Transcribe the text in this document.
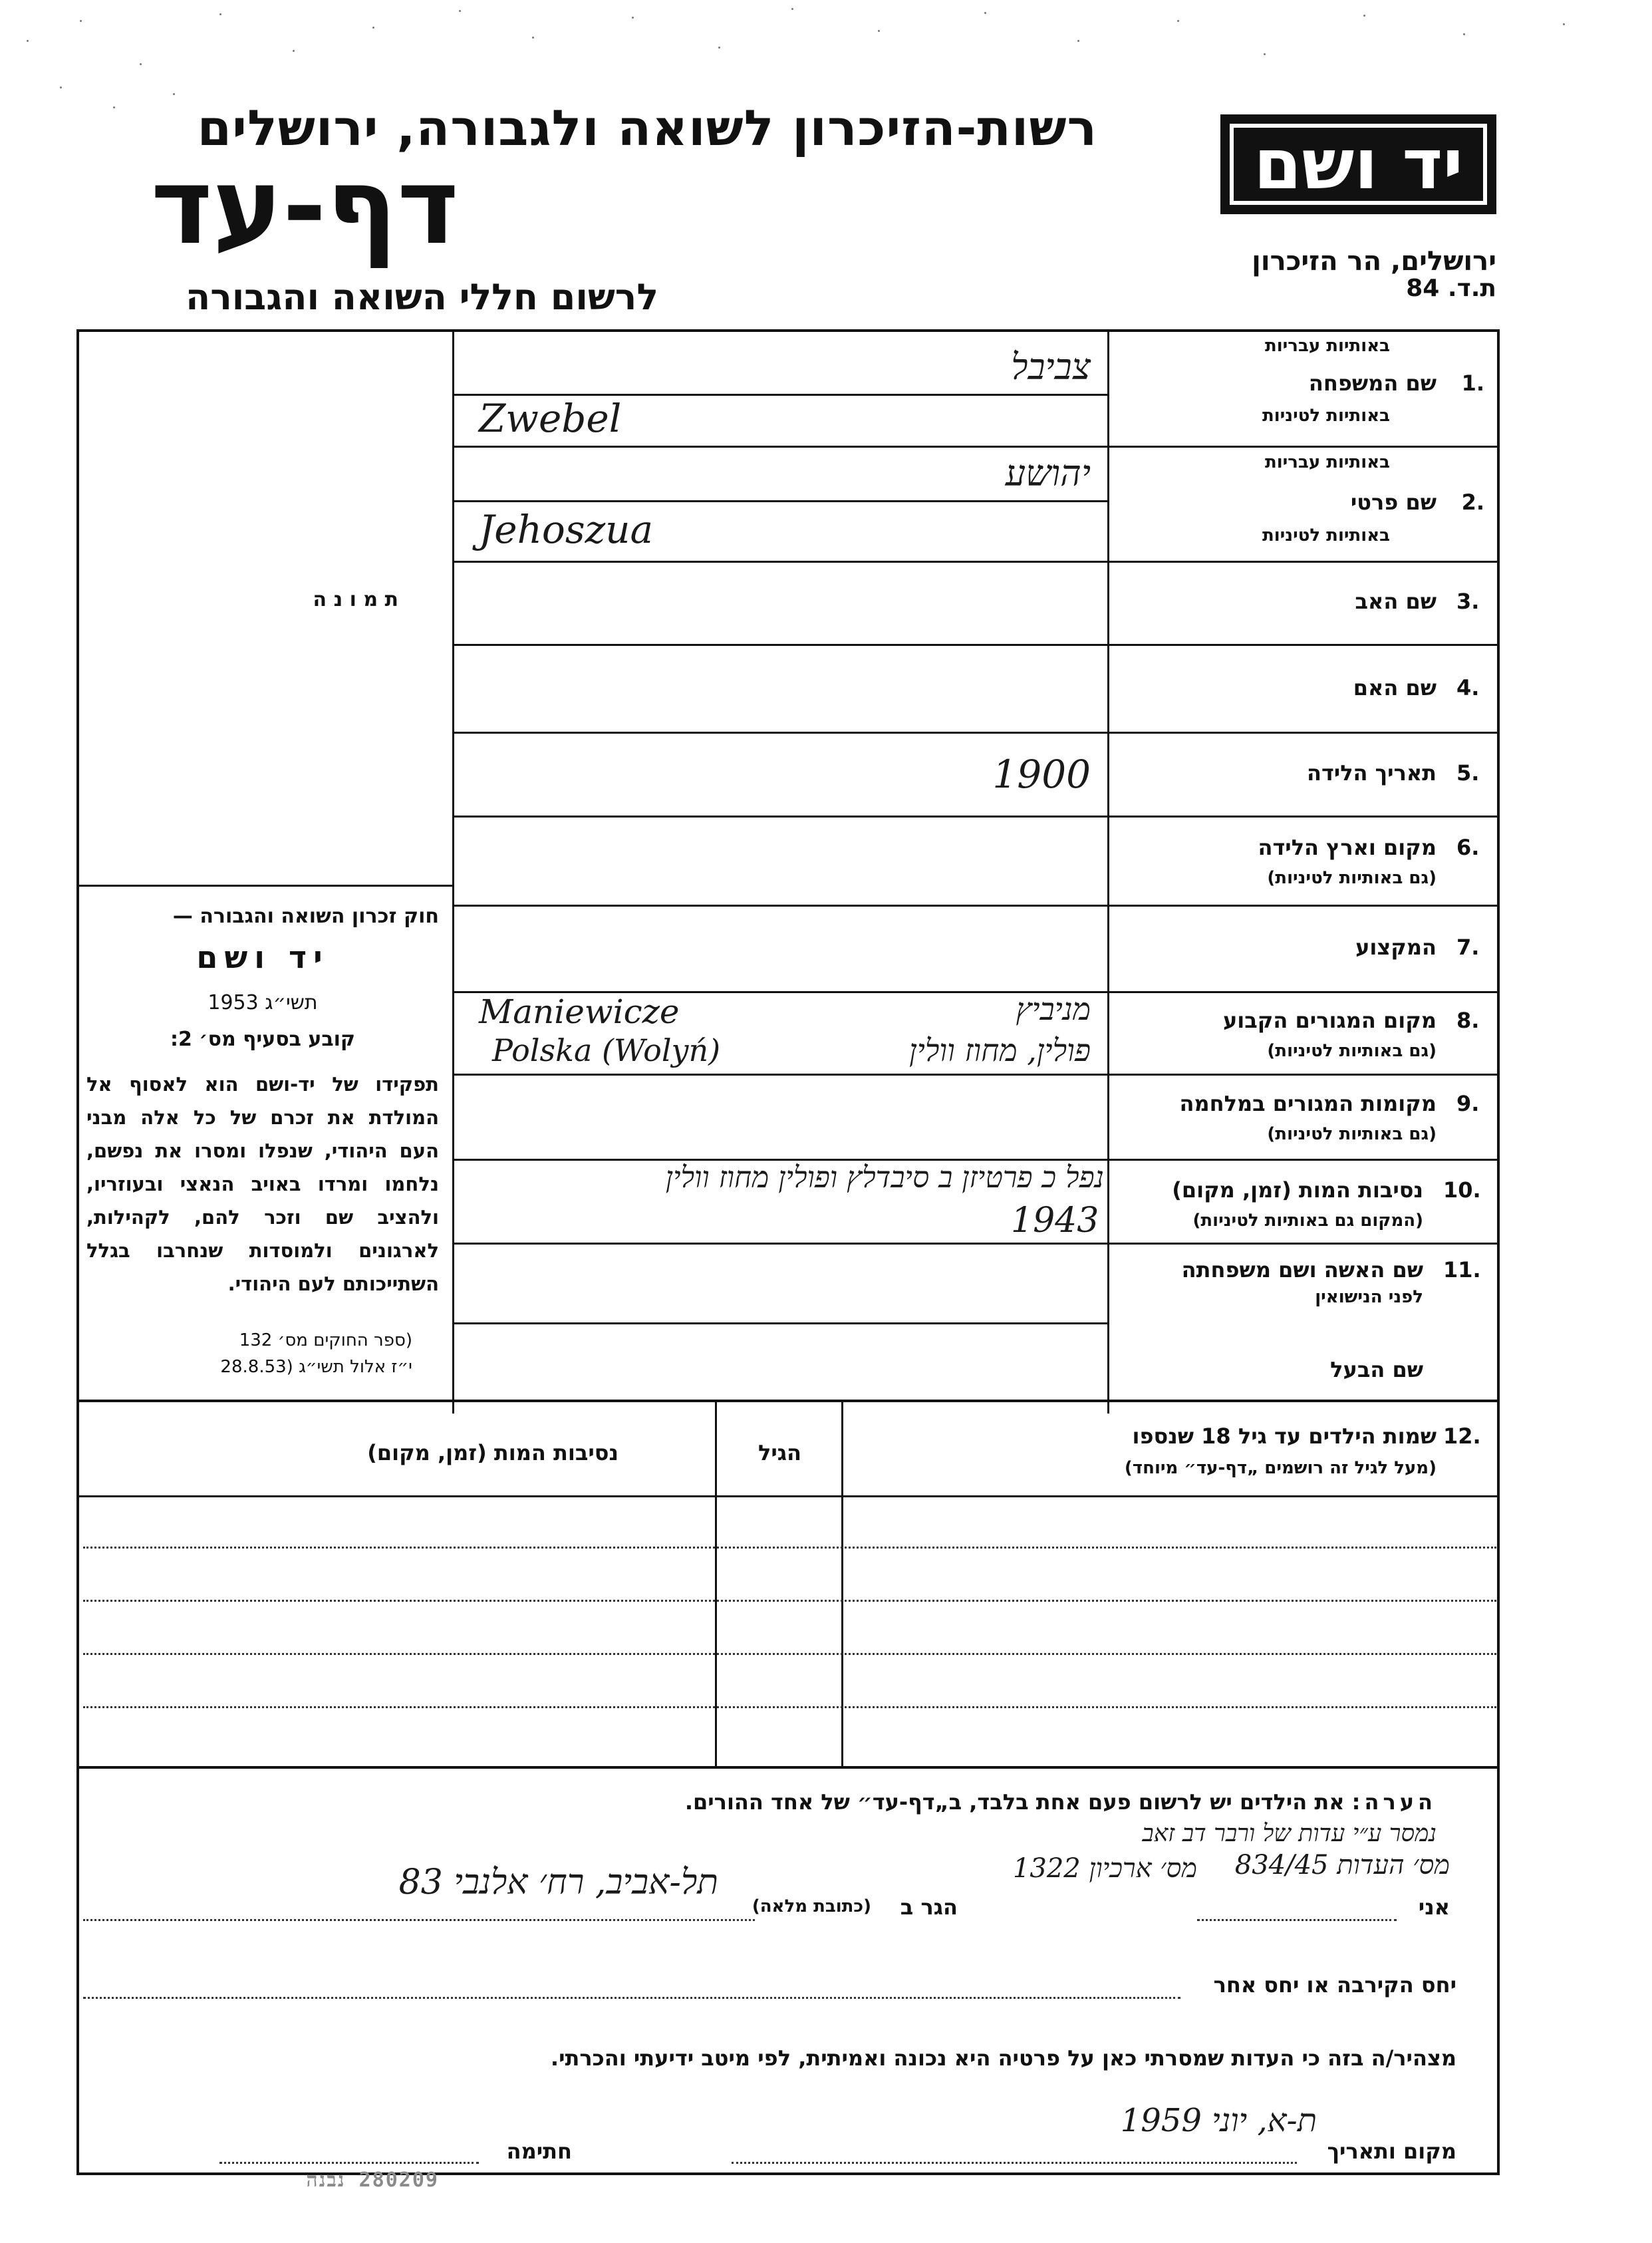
רשות-הזיכרון לשואה ולגבורה, ירושלים
דף-עד
לרשום חללי השואה והגבורה
יד ושם
ירושלים, הר הזיכרון
ת.ד. 84
ת מ ו נ ה
חוק זכרון השואה והגבורה —
יד ושם
תשי״ג 1953
קובע בסעיף מס׳ 2:
תפקידו של יד-ושם הוא לאסוף אל המולדת את זכרם של כל אלה מבני העם היהודי, שנפלו ומסרו את נפשם, נלחמו ומרדו באויב הנאצי ובעוזריו, ולהציב שם וזכר להם, לקהילות, לארגונים ולמוסדות שנחרבו בגלל השתייכותם לעם היהודי.
(ספר החוקים מס׳ 132
י״ז אלול תשי״ג (28.8.53
באותיות עבריות
שם המשפחה 1.
באותיות לטיניות
צביבל
Zwebel
באותיות עבריות
שם פרטי 2.
באותיות לטיניות
יהושע
Jehoszua
שם האב 3.
שם האם 4.
תאריך הלידה 5.
1900
מקום וארץ הלידה 6.
(גם באותיות לטיניות)
המקצוע 7.
מקום המגורים הקבוע 8.
(גם באותיות לטיניות)
Maniewicze
Polska (Wolyń)
מניביץ
פולין, מחוז וולין
מקומות המגורים במלחמה 9.
(גם באותיות לטיניות)
נסיבות המות (זמן, מקום) 10.
(המקום גם באותיות לטיניות)
נפל כ פרטיזן ב סיבדלץ ופולין מחוז וולין
1943
שם האשה ושם משפחתה 11.
לפני הנישואין
שם הבעל
12.
שמות הילדים עד גיל 18 שנספו
(מעל לגיל זה רושמים „דף-עד״ מיוחד)
הגיל
נסיבות המות (זמן, מקום)
הערה: את הילדים יש לרשום פעם אחת בלבד, ב„דף-עד״ של אחד ההורים.
נמסר ע״י עדות של ורבר דב זאב
אני
הגר ב
(כתובת מלאה)
מס׳ העדות 834/45
מס׳ ארכיון 1322
תל-אביב, רח׳ אלנבי 83
יחס הקירבה או יחס אחר
מצהיר/ה בזה כי העדות שמסרתי כאן על פרטיה היא נכונה ואמיתית, לפי מיטב ידיעתי והכרתי.
מקום ותאריך
ת-א, יוני 1959
חתימה
280209 נבנה
